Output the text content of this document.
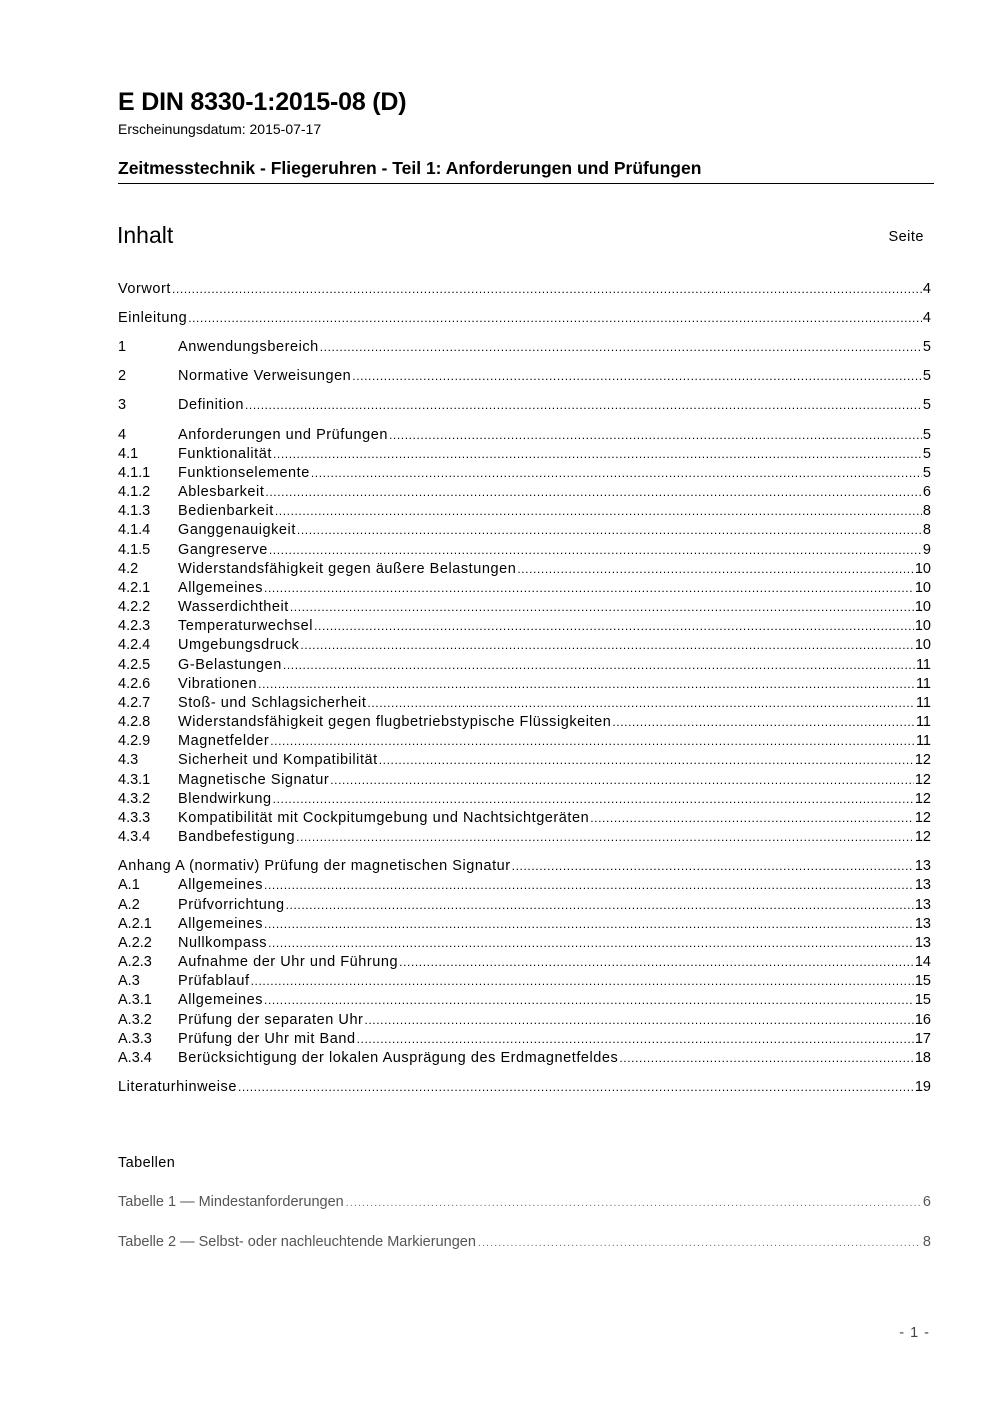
E DIN 8330-1:2015-08 (D)
Erscheinungsdatum: 2015-07-17
Zeitmesstechnik - Fliegeruhren - Teil 1: Anforderungen und Prüfungen
Inhalt	Seite
Vorwort .....	4
Einleitung .....	4
1	Anwendungsbereich .....	5
2	Normative Verweisungen .....	5
3	Definition .....	5
4	Anforderungen und Prüfungen .....	5
4.1	Funktionalität .....	5
4.1.1	Funktionselemente .....	5
4.1.2	Ablesbarkeit .....	6
4.1.3	Bedienbarkeit .....	8
4.1.4	Ganggenauigkeit .....	8
4.1.5	Gangreserve .....	9
4.2	Widerstandsfähigkeit gegen äußere Belastungen .....	10
4.2.1	Allgemeines .....	10
4.2.2	Wasserdichtheit .....	10
4.2.3	Temperaturwechsel .....	10
4.2.4	Umgebungsdruck .....	10
4.2.5	G-Belastungen .....	11
4.2.6	Vibrationen .....	11
4.2.7	Stoß- und Schlagsicherheit .....	11
4.2.8	Widerstandsfähigkeit gegen flugbetriebstypische Flüssigkeiten .....	11
4.2.9	Magnetfelder .....	11
4.3	Sicherheit und Kompatibilität .....	12
4.3.1	Magnetische Signatur .....	12
4.3.2	Blendwirkung .....	12
4.3.3	Kompatibilität mit Cockpitumgebung und Nachtsichtgeräten .....	12
4.3.4	Bandbefestigung .....	12
Anhang A (normativ) Prüfung der magnetischen Signatur .....	13
A.1	Allgemeines .....	13
A.2	Prüfvorrichtung .....	13
A.2.1	Allgemeines .....	13
A.2.2	Nullkompass .....	13
A.2.3	Aufnahme der Uhr und Führung .....	14
A.3	Prüfablauf .....	15
A.3.1	Allgemeines .....	15
A.3.2	Prüfung der separaten Uhr .....	16
A.3.3	Prüfung der Uhr mit Band .....	17
A.3.4	Berücksichtigung der lokalen Ausprägung des Erdmagnetfeldes .....	18
Literaturhinweise .....	19
Tabellen
Tabelle 1 — Mindestanforderungen .....	6
Tabelle 2 — Selbst- oder nachleuchtende Markierungen .....	8
- 1 -
